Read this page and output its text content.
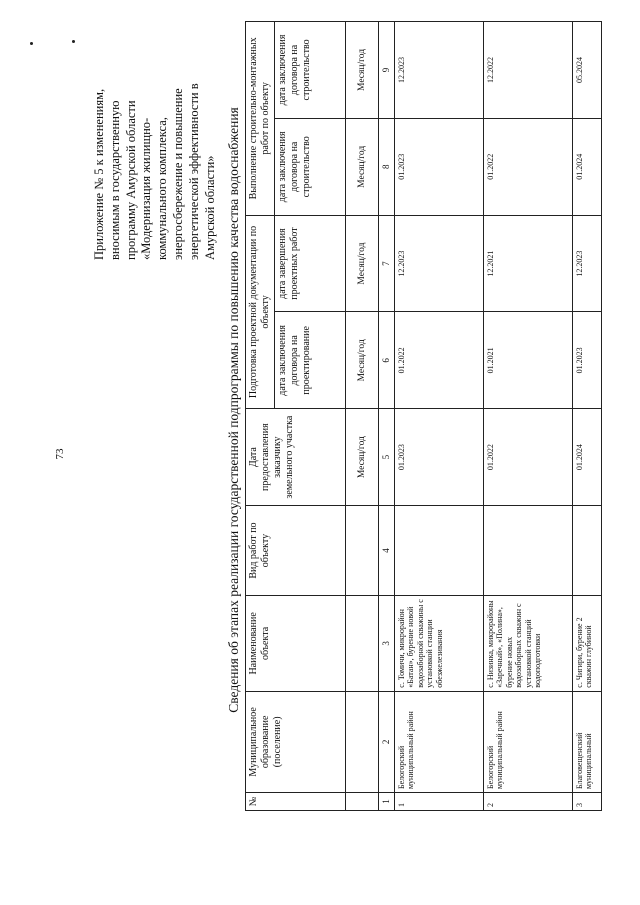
73
Приложение № 5 к изменениям, вносимым в государственную программу Амурской области «Модернизация жилищно- коммунального комплекса, энергосбережение и повышение энергетической эффективности в Амурской области» Сведения об этапах реализации государственной подпрограммы по повышению качества водоснабжения
№	Муниципальное образование (поселение)	Наименование объекта	Вид работ по объекту	Дата предоставления заказчику земельного участка	Подготовка проектной документации по объекту		Выполнение строительно-монтажных работ по объекту	
					дата заключения договора на проектирование	дата завершения проектных работ	дата заключения договора на строительство	дата заключения договора на строительство
				Месяц/год	Месяц/год	Месяц/год	Месяц/год	Месяц/год
1	2	3	4	5	6	7	8	9
1	Белогорский муниципальный район	с. Томичи, микрорайон «Батан», бурение новой водозаборной скважины с установкой станции обезжелезивания		01.2023	01.2022	12.2023	01.2023	12.2023
2	Белогорский муниципальный район	с. Низинка, микрорайоны «Заречный», «Полина», бурение новых водозаборных скважин с установкой станций водоподготовки		01.2022	01.2021	12.2021	01.2022	12.2022
3	Благовещенский муниципальный	с. Чигири, бурение 2 скважин глубиной		01.2024	01.2023	12.2023	01.2024	05.2024
